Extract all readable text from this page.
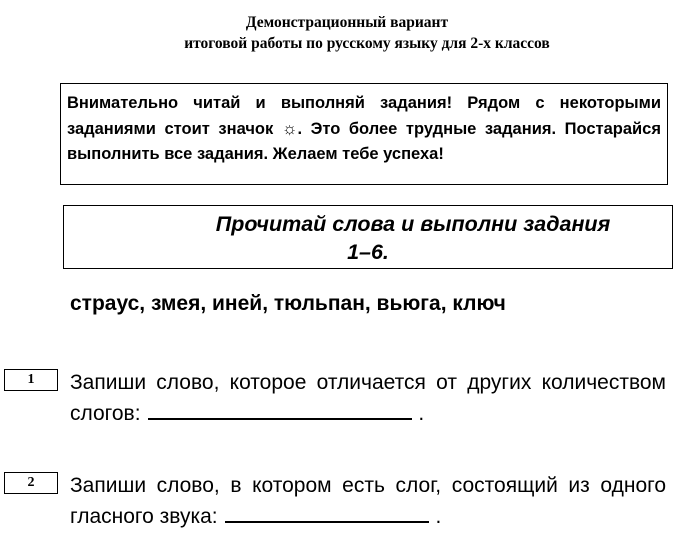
Демонстрационный вариант
итоговой работы по русскому языку для 2-х классов
Внимательно читай и выполняй задания! Рядом с некоторыми заданиями стоит значок ☼. Это более трудные задания. Постарайся выполнить все задания. Желаем тебе успеха!
Прочитай слова и выполни задания
1–6.
страус, змея, иней, тюльпан, вьюга, ключ
1	Запиши слово, которое отличается от других количеством слогов:	.
2	Запиши слово, в котором есть слог, состоящий из одного гласного звука:	.
